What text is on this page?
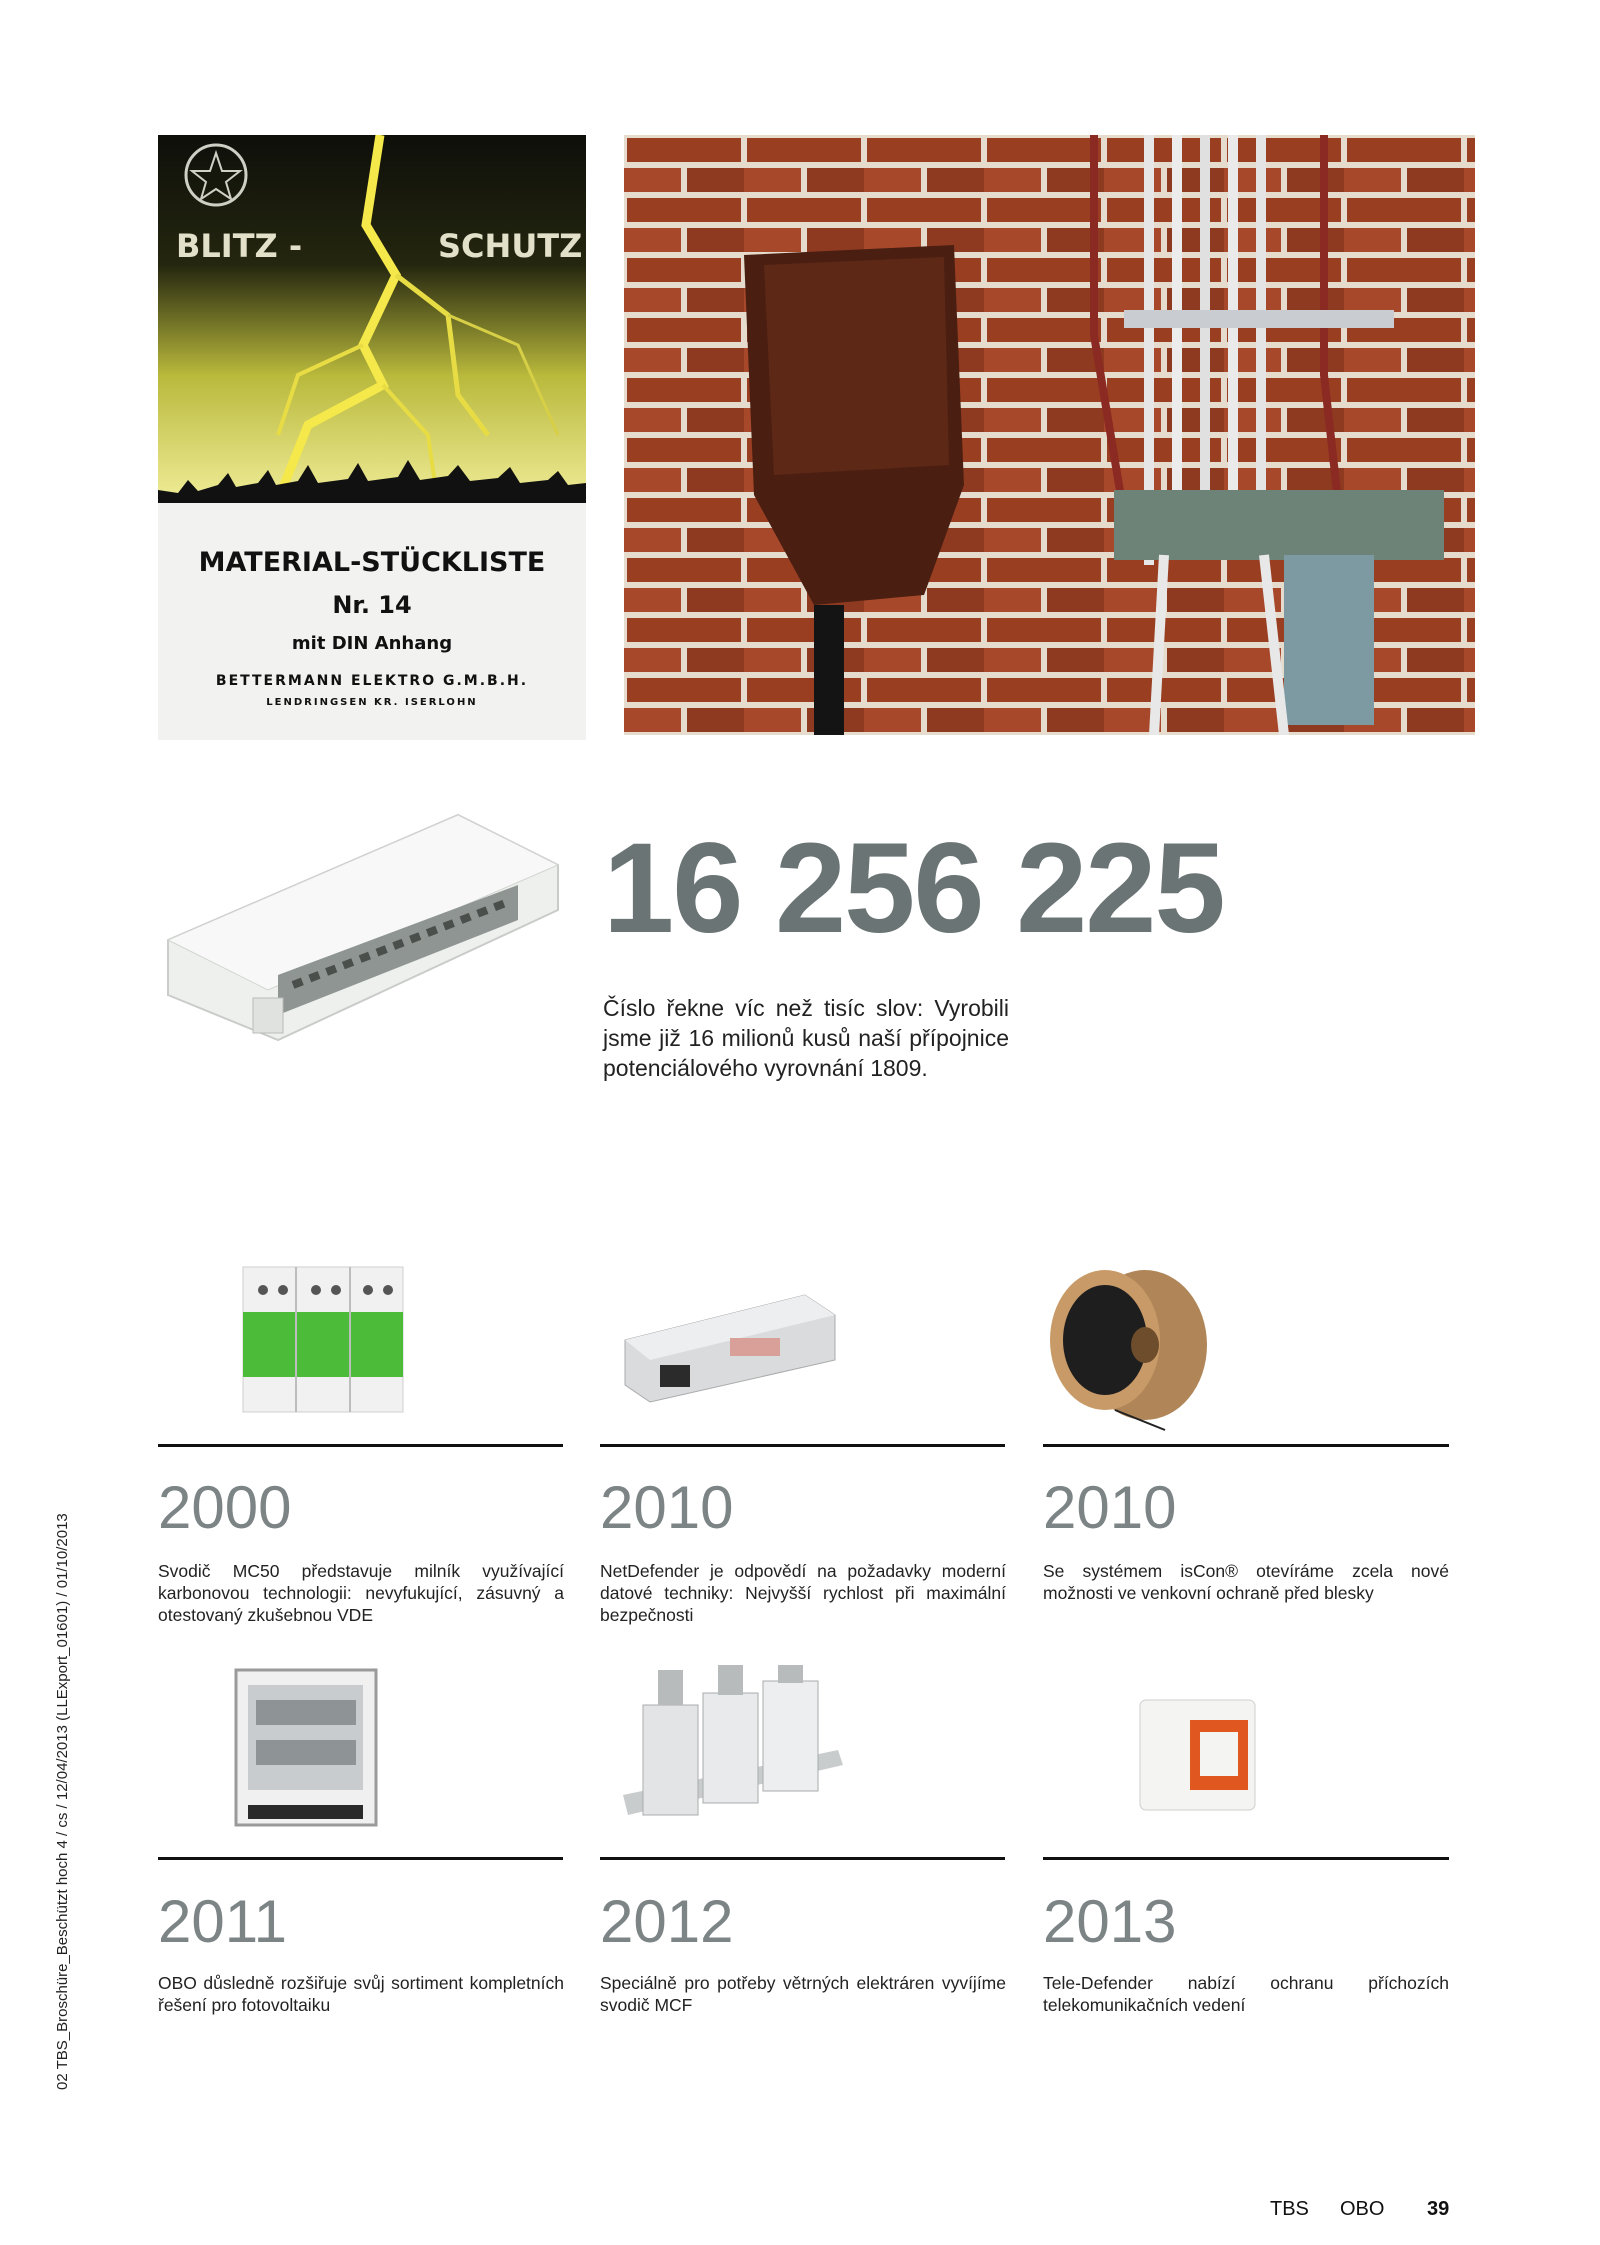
BLITZ -	SCHUTZ
MATERIAL-STÜCKLISTE
Nr. 14
mit DIN Anhang
BETTERMANN ELEKTRO G.M.B.H.
LENDRINGSEN KR. ISERLOHN
16 256 225
Číslo řekne víc než tisíc slov: Vyrobili jsme již 16 milionů kusů naší přípojnice potenciálového vyrovnání 1809.
2000	2010	2010
Svodič MC50 představuje milník využívající karbonovou technologii: nevyfukující, zásuvný a otestovaný zkušebnou VDE
NetDefender je odpovědí na požadavky moderní datové techniky: Nejvyšší rychlost při maximální bezpečnosti
Se systémem isCon® otevíráme zcela nové možnosti ve venkovní ochraně před blesky
2011	2012	2013
OBO důsledně rozšiřuje svůj sortiment kompletních řešení pro fotovoltaiku
Speciálně pro potřeby větrných elektráren vyvíjíme svodič MCF
Tele-Defender nabízí ochranu příchozích telekomunikačních vedení
02 TBS_Broschüre_Beschützt hoch 4 / cs / 12/04/2013 (LLExport_01601) / 01/10/2013
TBS OBO 39
